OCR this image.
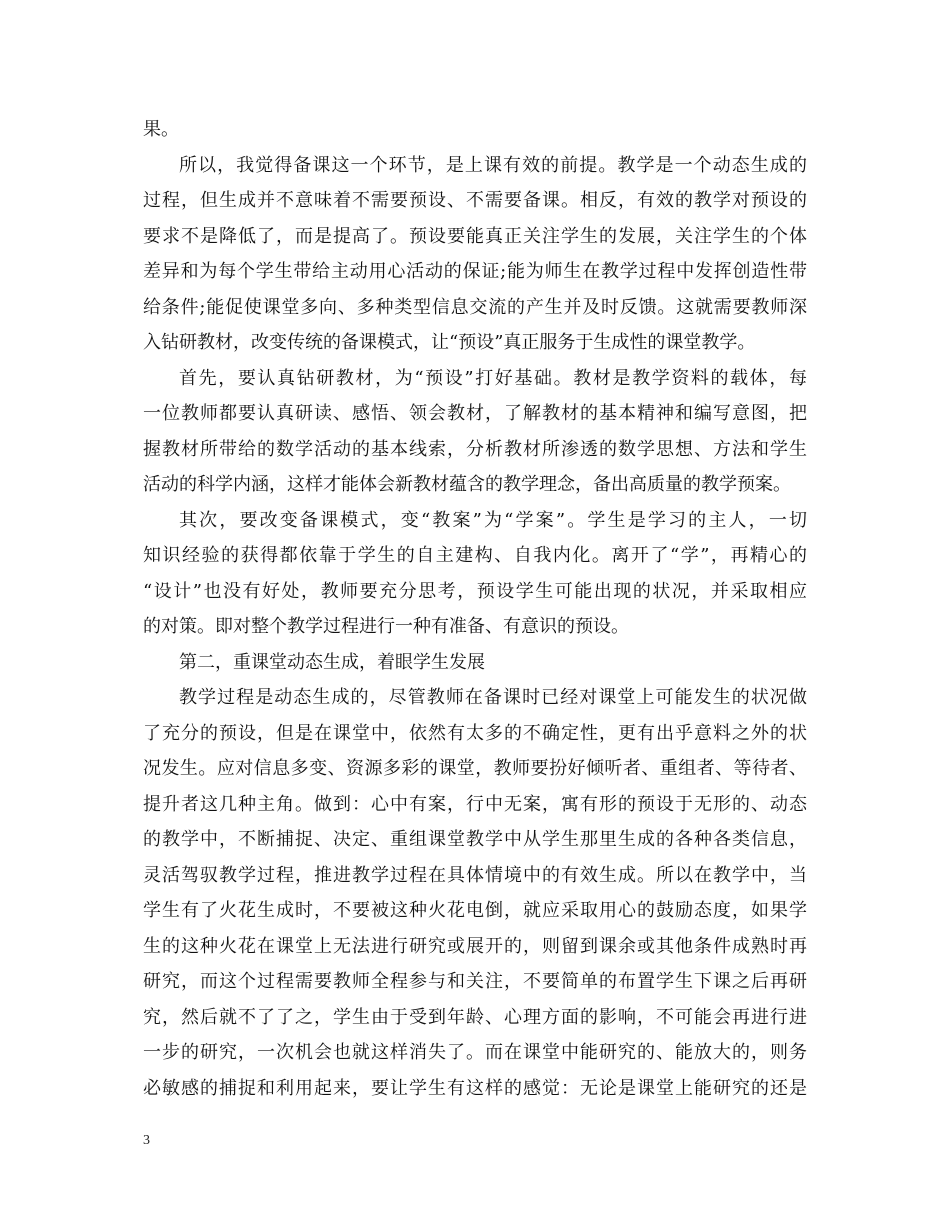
果。
所以，我觉得备课这一个环节，是上课有效的前提。教学是一个动态生成的
过程，但生成并不意味着不需要预设、不需要备课。相反，有效的教学对预设的
要求不是降低了，而是提高了。预设要能真正关注学生的发展，关注学生的个体
差异和为每个学生带给主动用心活动的保证;能为师生在教学过程中发挥创造性带
给条件;能促使课堂多向、多种类型信息交流的产生并及时反馈。这就需要教师深
入钻研教材，改变传统的备课模式，让“预设”真正服务于生成性的课堂教学。
首先，要认真钻研教材，为“预设”打好基础。教材是教学资料的载体，每
一位教师都要认真研读、感悟、领会教材，了解教材的基本精神和编写意图，把
握教材所带给的数学活动的基本线索，分析教材所渗透的数学思想、方法和学生
活动的科学内涵，这样才能体会新教材蕴含的教学理念，备出高质量的教学预案。
其次，要改变备课模式，变“教案”为“学案”。学生是学习的主人，一切
知识经验的获得都依靠于学生的自主建构、自我内化。离开了“学”，再精心的
“设计”也没有好处，教师要充分思考，预设学生可能出现的状况，并采取相应
的对策。即对整个教学过程进行一种有准备、有意识的预设。
第二，重课堂动态生成，着眼学生发展
教学过程是动态生成的，尽管教师在备课时已经对课堂上可能发生的状况做
了充分的预设，但是在课堂中，依然有太多的不确定性，更有出乎意料之外的状
况发生。应对信息多变、资源多彩的课堂，教师要扮好倾听者、重组者、等待者、
提升者这几种主角。做到：心中有案，行中无案，寓有形的预设于无形的、动态
的教学中，不断捕捉、决定、重组课堂教学中从学生那里生成的各种各类信息，
灵活驾驭教学过程，推进教学过程在具体情境中的有效生成。所以在教学中，当
学生有了火花生成时，不要被这种火花电倒，就应采取用心的鼓励态度，如果学
生的这种火花在课堂上无法进行研究或展开的，则留到课余或其他条件成熟时再
研究，而这个过程需要教师全程参与和关注，不要简单的布置学生下课之后再研
究，然后就不了了之，学生由于受到年龄、心理方面的影响，不可能会再进行进
一步的研究，一次机会也就这样消失了。而在课堂中能研究的、能放大的，则务
必敏感的捕捉和利用起来，要让学生有这样的感觉：无论是课堂上能研究的还是
3
